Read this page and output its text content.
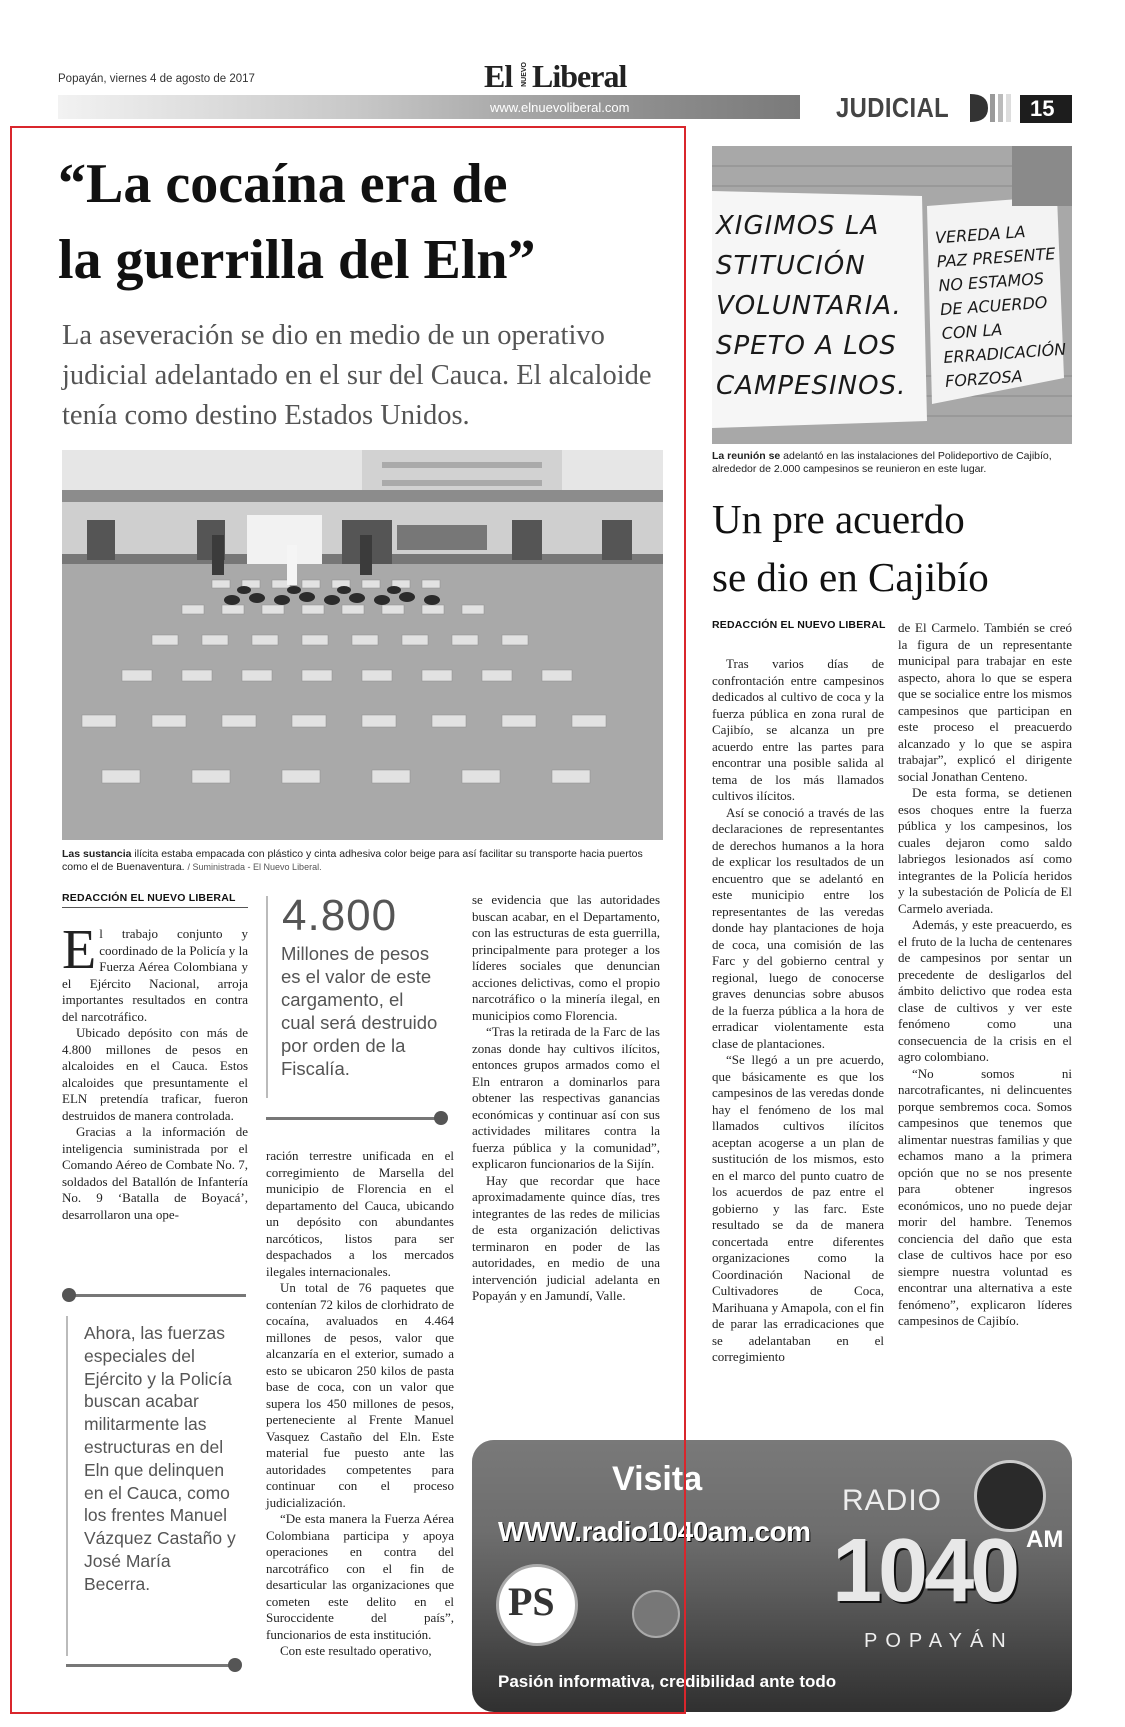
Popayán, viernes 4 de agosto de 2017	El NUEVO Liberal
www.elnuevoliberal.com	JUDICIAL	15
“La cocaína era de
la guerrilla del Eln”
La aseveración se dio en medio de un operativo judicial adelantado en el sur del Cauca. El alcaloide tenía como destino Estados Unidos.
Las sustancia ilícita estaba empacada con plástico y cinta adhesiva color beige para así facilitar su transporte hacia puertos como el de Buenaventura. / Suministrada - El Nuevo Liberal.
REDACCIÓN EL NUEVO LIBERAL

El trabajo conjunto y coordinado de la Policía y la Fuerza Aérea Colombiana y el Ejército Nacional, arroja importantes resultados en contra del narcotráfico.

Ubicado depósito con más de 4.800 millones de pesos en alcaloides en el Cauca. Estos alcaloides que presuntamente el ELN pretendía traficar, fueron destruidos de manera controlada.

Gracias a la información de inteligencia suministrada por el Comando Aéreo de Combate No. 7, soldados del Batallón de Infantería No. 9 ‘Batalla de Boyacá’, desarrollaron una ope-

Ahora, las fuerzas especiales del Ejército y la Policía buscan acabar militarmente las estructuras en del Eln que delinquen en el Cauca, como los frentes Manuel Vázquez Castaño y José María Becerra.
4.800
Millones de pesos es el valor de este cargamento, el cual será destruido por orden de la Fiscalía.

ración terrestre unificada en el corregimiento de Marsella del municipio de Florencia en el departamento del Cauca, ubicando un depósito con abundantes narcóticos, listos para ser despachados a los mercados ilegales internacionales.

Un total de 76 paquetes que contenían 72 kilos de clorhidrato de cocaína, avaluados en 4.464 millones de pesos, valor que alcanzaría en el exterior, sumado a esto se ubicaron 250 kilos de pasta base de coca, con un valor que supera los 450 millones de pesos, perteneciente al Frente Manuel Vasquez Castaño del Eln. Este material fue puesto ante las autoridades competentes para continuar con el proceso judicialización.

“De esta manera la Fuerza Aérea Colombiana participa y apoya operaciones en contra del narcotráfico con el fin de desarticular las organizaciones que cometen este delito en el Suroccidente del país”, funcionarios de esta institución.

Con este resultado operativo,

se evidencia que las autoridades buscan acabar, en el Departamento, con las estructuras de esta guerrilla, principalmente para proteger a los líderes sociales que denuncian acciones delictivas, como el propio narcotráfico o la minería ilegal, en municipios como Florencia.

“Tras la retirada de la Farc de las zonas donde hay cultivos ilícitos, entonces grupos armados como el Eln entraron a dominarlos para obtener las respectivas ganancias económicas y continuar así con sus actividades militares contra la fuerza pública y la comunidad”, explicaron funcionarios de la Sijín.

Hay que recordar que hace aproximadamente quince días, tres integrantes de las redes de milicias de esta organización delictivas terminaron en poder de las autoridades, en medio de una intervención judicial adelanta en Popayán y en Jamundí, Valle.

XIGIMOS LA STITUCIÓN VOLUNTARIA. SPETO A LOS CAMPESINOS.
VEREDA LA PAZ PRESENTE NO ESTAMOS DE ACUERDO CON LA ERRADICACIÓN FORZOSA
La reunión se adelantó en las instalaciones del Polideportivo de Cajibío, alrededor de 2.000 campesinos se reunieron en este lugar.
Un pre acuerdo
se dio en Cajibío
REDACCIÓN EL NUEVO LIBERAL

Tras varios días de confrontación entre campesinos dedicados al cultivo de coca y la fuerza pública en zona rural de Cajibío, se alcanza un pre acuerdo entre las partes para encontrar una posible salida al tema de los más llamados cultivos ilícitos.

Así se conoció a través de las declaraciones de representantes de derechos humanos a la hora de explicar los resultados de un encuentro que se adelantó en este municipio entre los representantes de las veredas donde hay plantaciones de hoja de coca, una comisión de las Farc y del gobierno central y regional, luego de conocerse graves denuncias sobre abusos de la fuerza pública a la hora de erradicar violentamente esta clase de plantaciones.

“Se llegó a un pre acuerdo, que básicamente es que los campesinos de las veredas donde hay el fenómeno de los mal llamados cultivos ilícitos aceptan acogerse a un plan de sustitución de los mismos, esto en el marco del punto cuatro de los acuerdos de paz entre el gobierno y las farc. Este resultado se da de manera concertada entre diferentes organizaciones como la Coordinación Nacional de Cultivadores de Coca, Marihuana y Amapola, con el fin de parar las erradicaciones que se adelantaban en el corregimiento

de El Carmelo. También se creó la figura de un representante municipal para trabajar en este aspecto, ahora lo que se espera que se socialice entre los mismos campesinos que participan en este proceso el preacuerdo alcanzado y lo que se aspira trabajar”, explicó el dirigente social Jonathan Centeno.

De esta forma, se detienen esos choques entre la fuerza pública y los campesinos, los cuales dejaron como saldo labriegos lesionados así como integrantes de la Policía heridos y la subestación de Policía de El Carmelo averiada.

Además, y este preacuerdo, es el fruto de la lucha de centenares de campesinos por sentar un precedente de desligarlos del ámbito delictivo que rodea esta clase de cultivos y ver este fenómeno como una consecuencia de la crisis en el agro colombiano.

“No somos ni narcotraficantes, ni delincuentes porque sembremos coca. Somos campesinos que tenemos que alimentar nuestras familias y que echamos mano a la primera opción que no se nos presente para obtener ingresos económicos, uno no puede dejar morir del hambre. Tenemos conciencia del daño que esta clase de cultivos hace por eso siempre nuestra voluntad es encontrar una alternativa a este fenómeno”, explicaron líderes campesinos de Cajibío.

Visita
WWW.radio1040am.com
RADIO
AM
1040
POPAYÁN
PS
Pasión informativa, credibilidad ante todo
